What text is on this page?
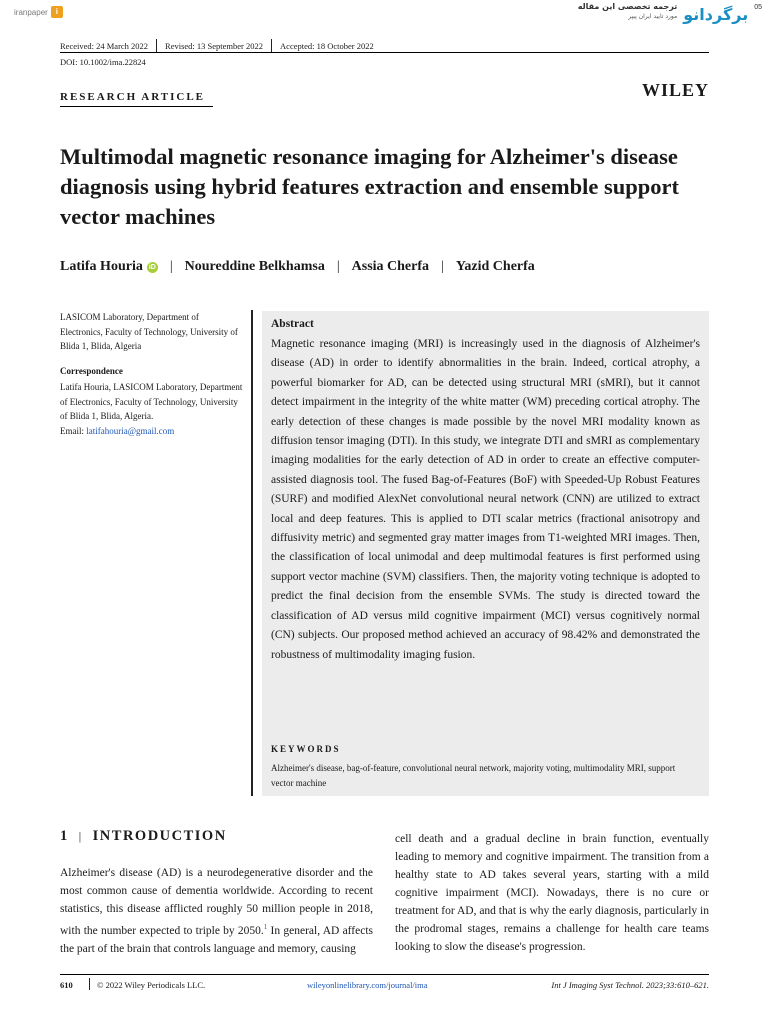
iranpaper i
ترجمه تخصصی این مقاله
مورد تایید ایران پیپر برگردانو 05
Received: 24 March 2022 Revised: 13 September 2022 Accepted: 18 October 2022
DOI: 10.1002/ima.22824
RESEARCH ARTICLE	WILEY
Multimodal magnetic resonance imaging for Alzheimer's disease diagnosis using hybrid features extraction and ensemble support vector machines
Latifa Houria iD | Noureddine Belkhamsa | Assia Cherfa | Yazid Cherfa
LASICOM Laboratory, Department of Electronics, Faculty of Technology, University of Blida 1, Blida, Algeria
Correspondence
Latifa Houria, LASICOM Laboratory, Department of Electronics, Faculty of Technology, University of Blida 1, Blida, Algeria.
Email: latifahouria@gmail.com
Abstract
Magnetic resonance imaging (MRI) is increasingly used in the diagnosis of Alzheimer's disease (AD) in order to identify abnormalities in the brain. Indeed, cortical atrophy, a powerful biomarker for AD, can be detected using structural MRI (sMRI), but it cannot detect impairment in the integrity of the white matter (WM) preceding cortical atrophy. The early detection of these changes is made possible by the novel MRI modality known as diffusion tensor imaging (DTI). In this study, we integrate DTI and sMRI as complementary imaging modalities for the early detection of AD in order to create an effective computer-assisted diagnosis tool. The fused Bag-of-Features (BoF) with Speeded-Up Robust Features (SURF) and modified AlexNet convolutional neural network (CNN) are utilized to extract local and deep features. This is applied to DTI scalar metrics (fractional anisotropy and diffusivity metric) and segmented gray matter images from T1-weighted MRI images. Then, the classification of local unimodal and deep multimodal features is first performed using support vector machine (SVM) classifiers. Then, the majority voting technique is adopted to predict the final decision from the ensemble SVMs. The study is directed toward the classification of AD versus mild cognitive impairment (MCI) versus cognitively normal (CN) subjects. Our proposed method achieved an accuracy of 98.42% and demonstrated the robustness of multimodality imaging fusion.
KEYWORDS
Alzheimer's disease, bag-of-feature, convolutional neural network, majority voting, multimodality MRI, support vector machine
1 | INTRODUCTION
Alzheimer's disease (AD) is a neurodegenerative disorder and the most common cause of dementia worldwide. According to recent statistics, this disease afflicted roughly 50 million people in 2018, with the number expected to triple by 2050.$^1$ In general, AD affects the part of the brain that controls language and memory, causing
cell death and a gradual decline in brain function, eventually leading to memory and cognitive impairment. The transition from a healthy state to AD takes several years, starting with a mild cognitive impairment (MCI). Nowadays, there is no cure or treatment for AD, and that is why the early diagnosis, particularly in the prodromal stages, remains a challenge for health care teams looking to slow the disease's progression.
610	© 2022 Wiley Periodicals LLC.	wileyonlinelibrary.com/journal/ima	Int J Imaging Syst Technol. 2023;33:610–621.
